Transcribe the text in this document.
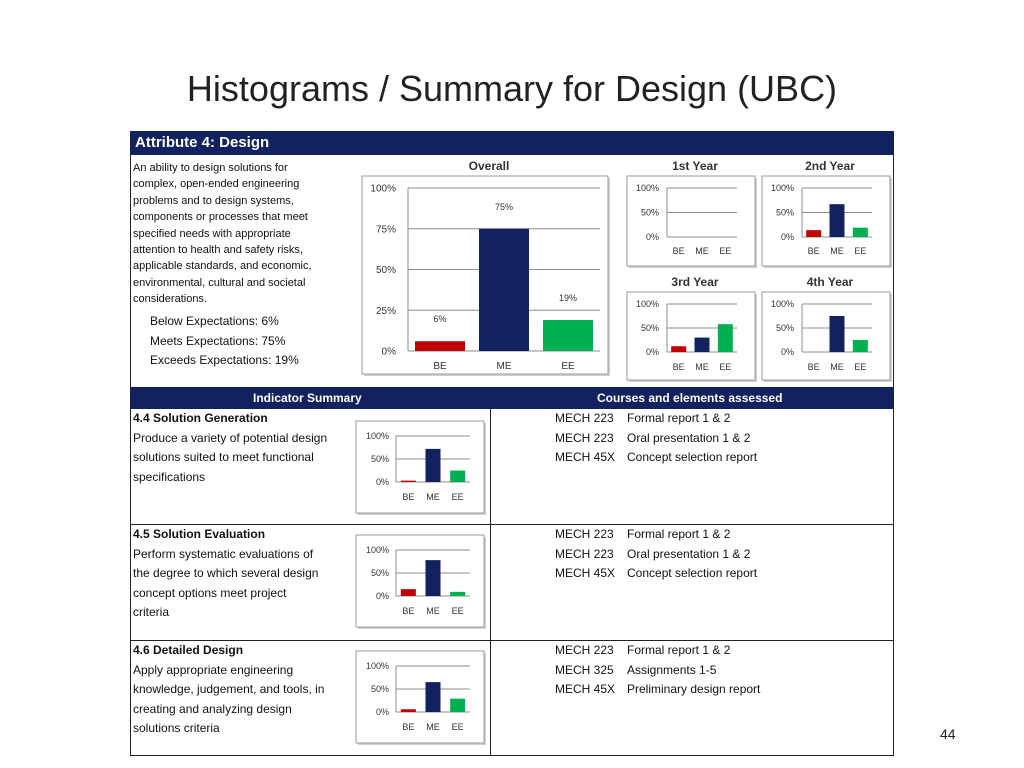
Histograms / Summary for Design (UBC)
Attribute 4: Design
An ability to design solutions for
complex, open-ended engineering
problems and to design systems,
components or processes that meet
specified needs with appropriate
attention to health and safety risks,
applicable standards, and economic,
environmental, cultural and societal
considerations.
Below Expectations: 6%
Meets Expectations: 75%
Exceeds Expectations: 19%
Overall
0%
25%
50%
75%
100%
BE
6%
ME
75%
EE
19%
1st Year
0%
50%
100%
BE ME EE
2nd Year
0%
50%
100%
BE ME EE
3rd Year
0%
50%
100%
BE ME EE
4th Year
0%
50%
100%
BE ME EE
Indicator Summary	Courses and elements assessed
4.4 Solution Generation
Produce a variety of potential design
solutions suited to meet functional
specifications	0%
50%
100%
BE ME EE
MECH 223	Formal report 1 & 2
MECH 223	Oral presentation 1 & 2
MECH 45X	Concept selection report
4.5 Solution Evaluation
Perform systematic evaluations of
the degree to which several design
concept options meet project
criteria
0%
50%
100%
BE ME EE
MECH 223	Formal report 1 & 2
MECH 223	Oral presentation 1 & 2
MECH 45X	Concept selection report
4.6 Detailed Design
Apply appropriate engineering
knowledge, judgement, and tools, in
creating and analyzing design
solutions criteria
0%
50%
100%
BE ME EE
MECH 223	Formal report 1 & 2
MECH 325	Assignments 1-5
MECH 45X	Preliminary design report
44
